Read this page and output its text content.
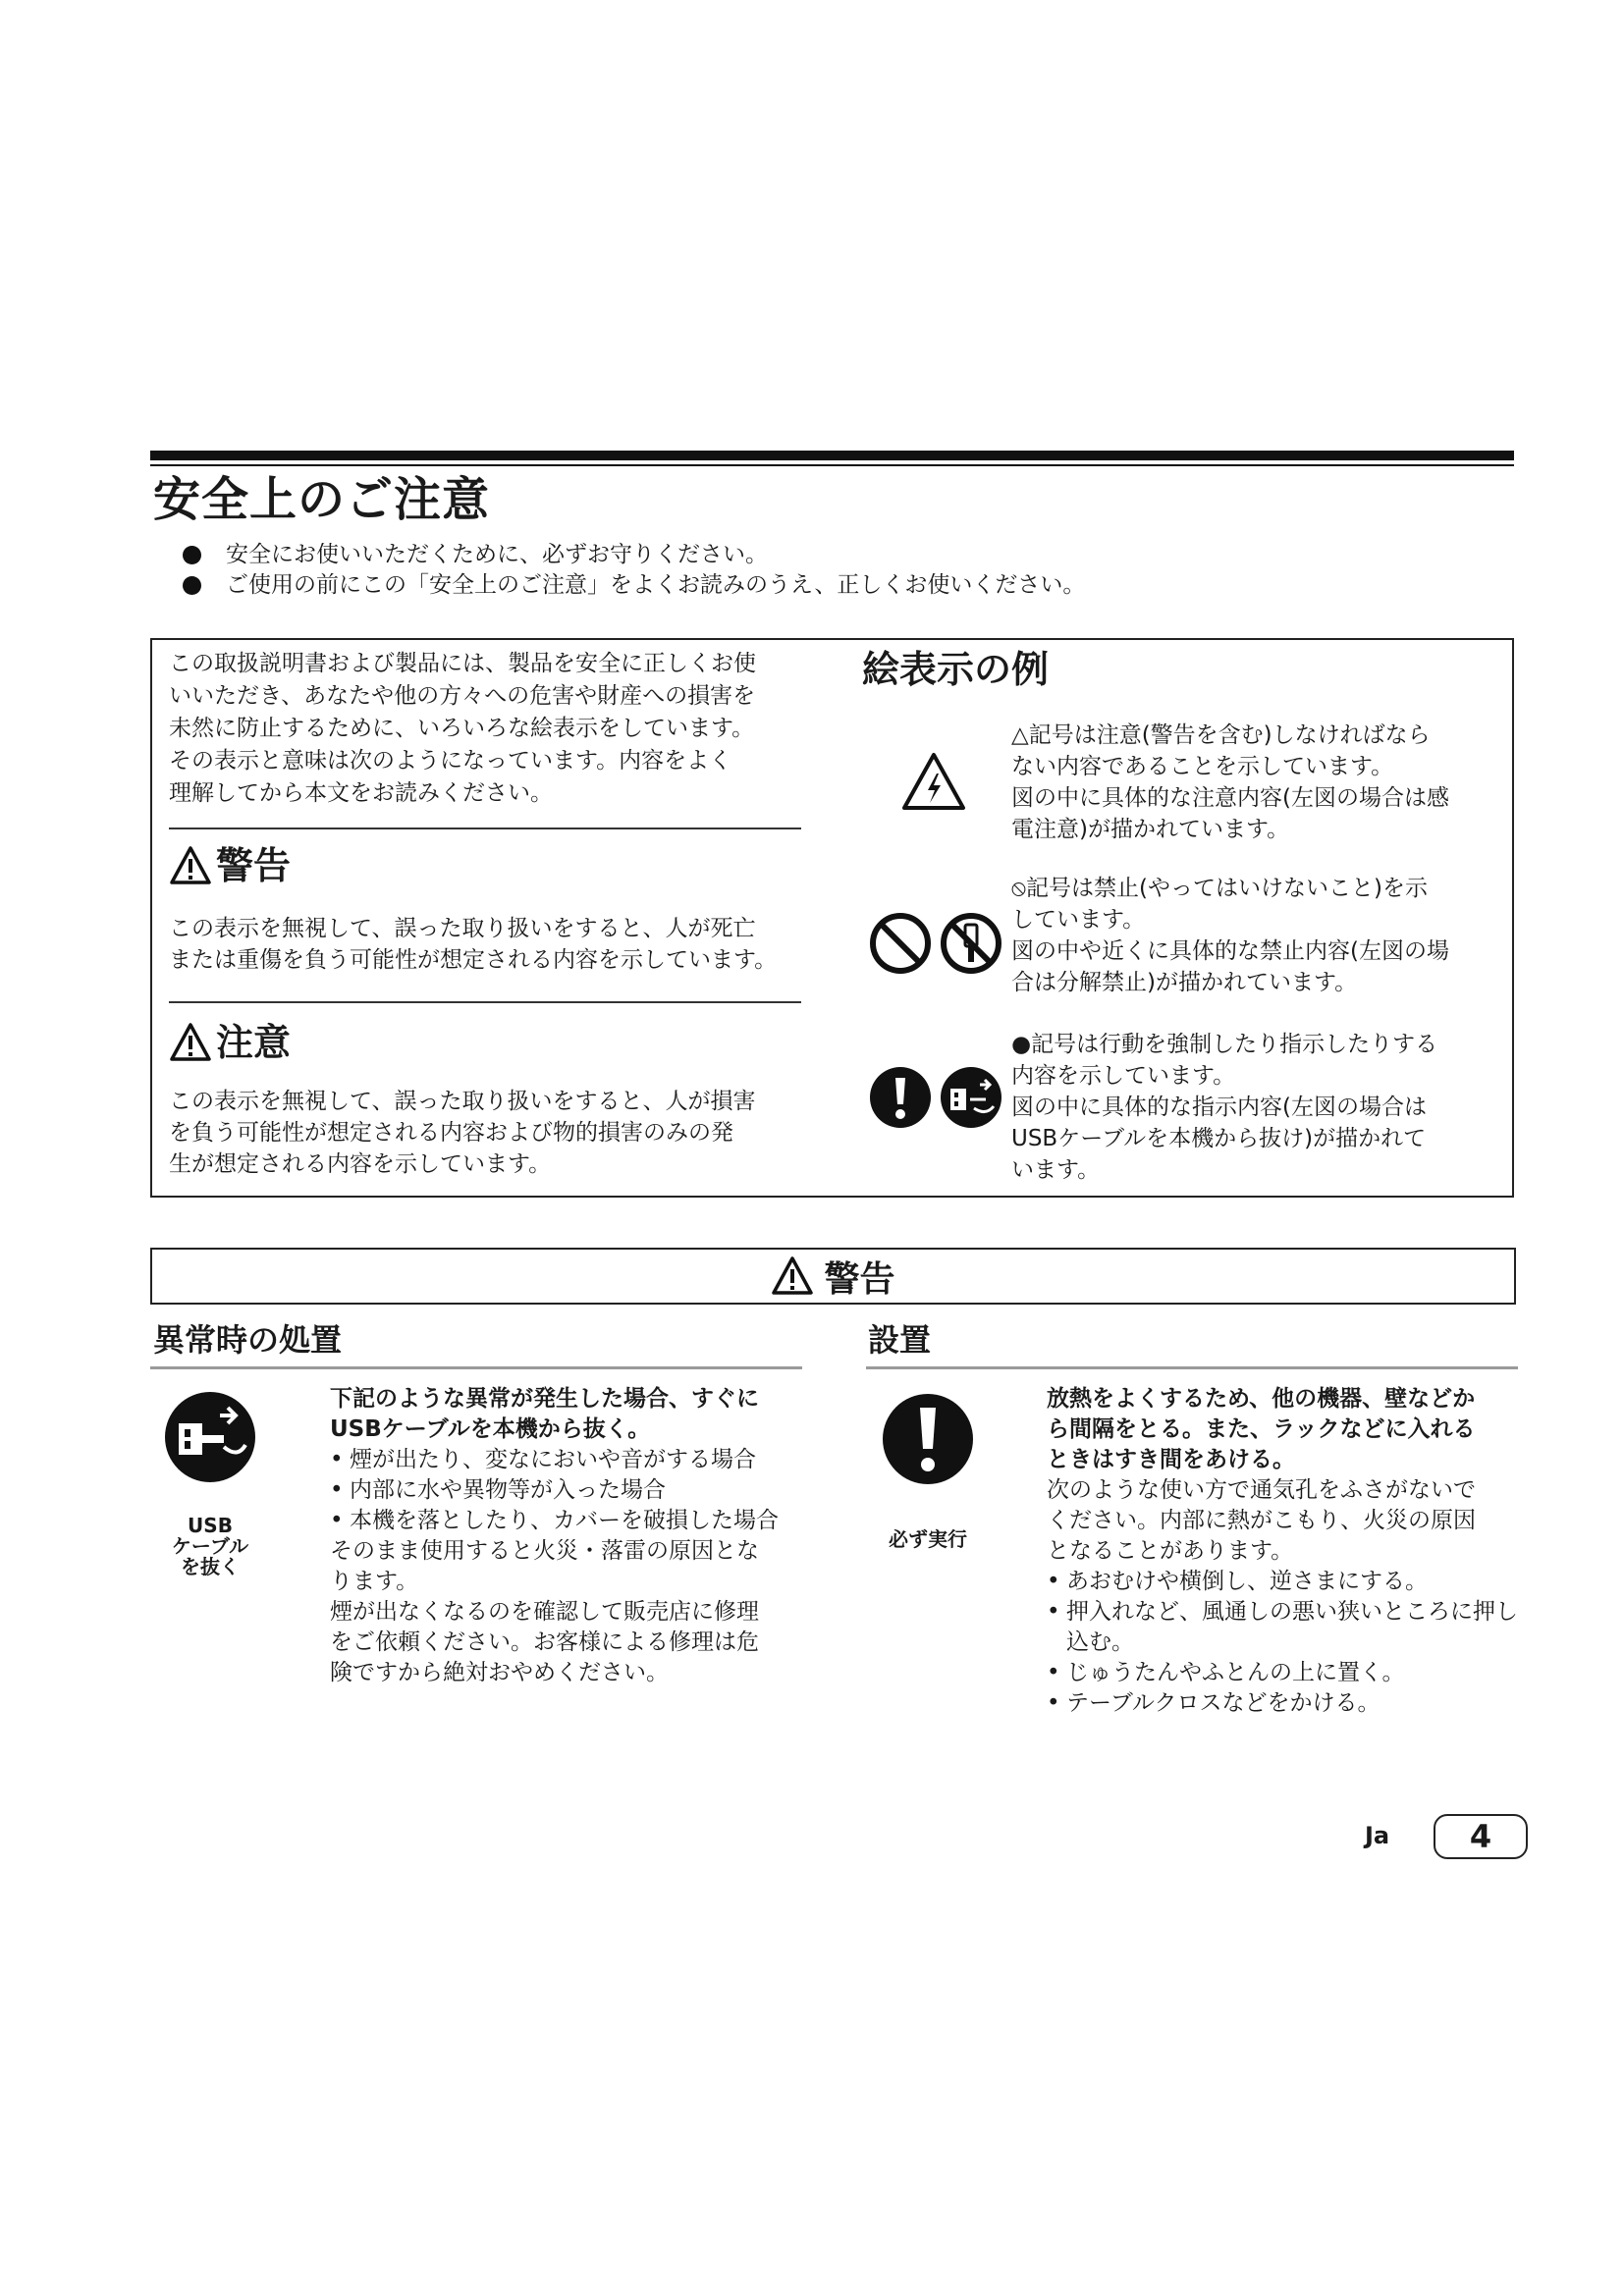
安全上のご注意
安全にお使いいただくために、必ずお守りください。
ご使用の前にこの「安全上のご注意」をよくお読みのうえ、正しくお使いください。
この取扱説明書および製品には、製品を安全に正しくお使
いいただき、あなたや他の方々への危害や財産への損害を
未然に防止するために、いろいろな絵表示をしています。
その表示と意味は次のようになっています。内容をよく
理解してから本文をお読みください。
警告
この表示を無視して、誤った取り扱いをすると、人が死亡
または重傷を負う可能性が想定される内容を示しています。
注意
この表示を無視して、誤った取り扱いをすると、人が損害
を負う可能性が想定される内容および物的損害のみの発
生が想定される内容を示しています。
絵表示の例
△記号は注意(警告を含む)しなければなら
ない内容であることを示しています。
図の中に具体的な注意内容(左図の場合は感
電注意)が描かれています。
⦸記号は禁止(やってはいけないこと)を示
しています。
図の中や近くに具体的な禁止内容(左図の場
合は分解禁止)が描かれています。
●記号は行動を強制したり指示したりする
内容を示しています。
図の中に具体的な指示内容(左図の場合は
USBケーブルを本機から抜け)が描かれて
います。
警告
異常時の処置
USB
ケーブル
を抜く
下記のような異常が発生した場合、すぐに
USBケーブルを本機から抜く。
• 煙が出たり、変なにおいや音がする場合
• 内部に水や異物等が入った場合
• 本機を落としたり、カバーを破損した場合
そのまま使用すると火災・落雷の原因とな
ります。
煙が出なくなるのを確認して販売店に修理
をご依頼ください。お客様による修理は危
険ですから絶対おやめください。
設置
必ず実行
放熱をよくするため、他の機器、壁などか
ら間隔をとる。また、ラックなどに入れる
ときはすき間をあける。
次のような使い方で通気孔をふさがないで
ください。内部に熱がこもり、火災の原因
となることがあります。
• あおむけや横倒し、逆さまにする。
• 押入れなど、風通しの悪い狭いところに押し込む。
• じゅうたんやふとんの上に置く。
• テーブルクロスなどをかける。
Ja	4
